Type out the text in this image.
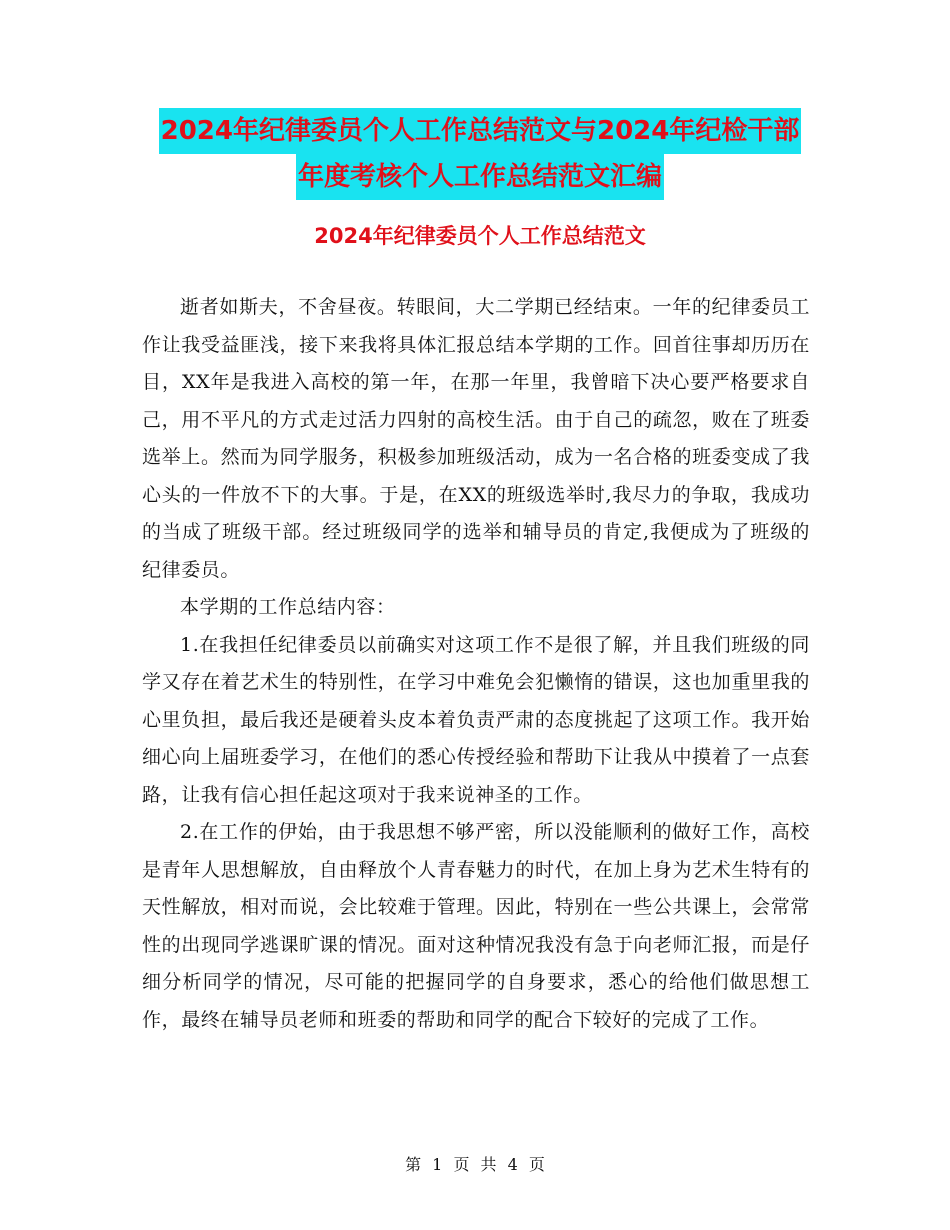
2024年纪律委员个人工作总结范文与2024年纪检干部
年度考核个人工作总结范文汇编
2024年纪律委员个人工作总结范文

逝者如斯夫，不舍昼夜。转眼间，大二学期已经结束。一年的纪律委员工作让我受益匪浅，接下来我将具体汇报总结本学期的工作。回首往事却历历在目，XX年是我进入高校的第一年，在那一年里，我曾暗下决心要严格要求自己，用不平凡的方式走过活力四射的高校生活。由于自己的疏忽，败在了班委选举上。然而为同学服务，积极参加班级活动，成为一名合格的班委变成了我心头的一件放不下的大事。于是，在XX的班级选举时,我尽力的争取，我成功的当成了班级干部。经过班级同学的选举和辅导员的肯定,我便成为了班级的纪律委员。

本学期的工作总结内容：

1.在我担任纪律委员以前确实对这项工作不是很了解，并且我们班级的同学又存在着艺术生的特别性，在学习中难免会犯懒惰的错误，这也加重里我的心里负担，最后我还是硬着头皮本着负责严肃的态度挑起了这项工作。我开始细心向上届班委学习，在他们的悉心传授经验和帮助下让我从中摸着了一点套路，让我有信心担任起这项对于我来说神圣的工作。

2.在工作的伊始，由于我思想不够严密，所以没能顺利的做好工作，高校是青年人思想解放，自由释放个人青春魅力的时代，在加上身为艺术生特有的天性解放，相对而说，会比较难于管理。因此，特别在一些公共课上，会常常性的出现同学逃课旷课的情况。面对这种情况我没有急于向老师汇报，而是仔细分析同学的情况，尽可能的把握同学的自身要求，悉心的给他们做思想工作，最终在辅导员老师和班委的帮助和同学的配合下较好的完成了工作。

第 1 页 共 4 页
